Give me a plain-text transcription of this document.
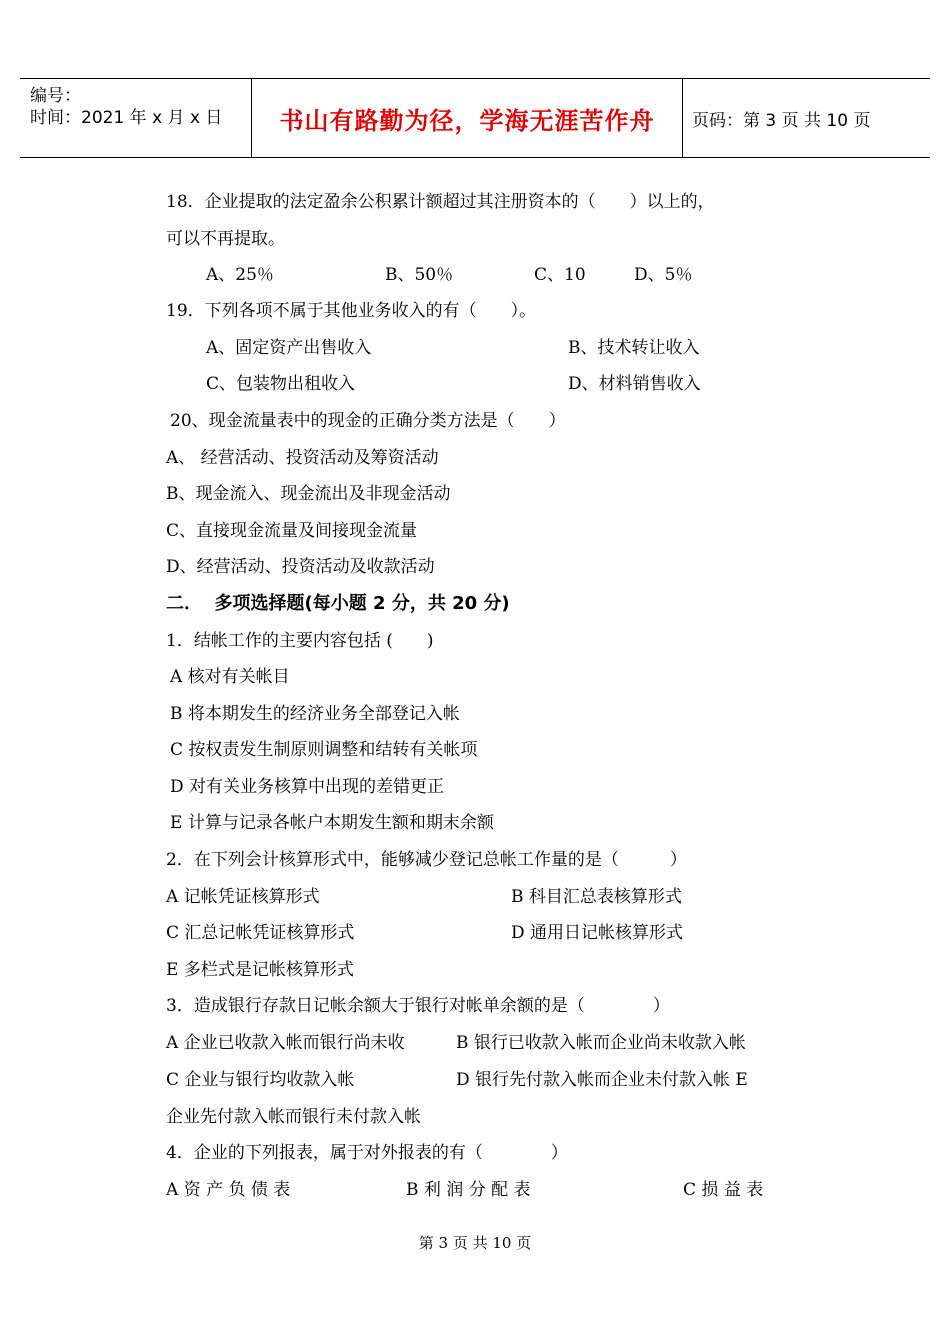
编号：
时间：2021 年 x 月 x 日	书山有路勤为径，学海无涯苦作舟	页码：第 3 页 共 10 页
18．企业提取的法定盈余公积累计额超过其注册资本的（　　）以上的，
可以不再提取。
A、25％	B、50％	C、10	D、5％
19．下列各项不属于其他业务收入的有（　　）。
A、固定资产出售收入	B、技术转让收入
C、包装物出租收入	D、材料销售收入
20、现金流量表中的现金的正确分类方法是（　　）
A、 经营活动、投资活动及筹资活动
B、现金流入、现金流出及非现金活动
C、直接现金流量及间接现金流量
D、经营活动、投资活动及收款活动
二．  多项选择题(每小题 2 分，共 20 分)
1．结帐工作的主要内容包括 (　　)
A 核对有关帐目
B 将本期发生的经济业务全部登记入帐
C 按权责发生制原则调整和结转有关帐项
D 对有关业务核算中出现的差错更正
E 计算与记录各帐户本期发生额和期末余额
2．在下列会计核算形式中，能够减少登记总帐工作量的是（　　　）
A 记帐凭证核算形式	B 科目汇总表核算形式
C 汇总记帐凭证核算形式	D 通用日记帐核算形式
E 多栏式是记帐核算形式
3．造成银行存款日记帐余额大于银行对帐单余额的是（　　　　）
A 企业已收款入帐而银行尚未收	B 银行已收款入帐而企业尚未收款入帐
C 企业与银行均收款入帐	D 银行先付款入帐而企业未付款入帐 E
企业先付款入帐而银行未付款入帐
4．企业的下列报表，属于对外报表的有（　　　　）
A 资 产 负 债 表	B 利 润 分 配 表	C 损 益 表
第 3 页 共 10 页
